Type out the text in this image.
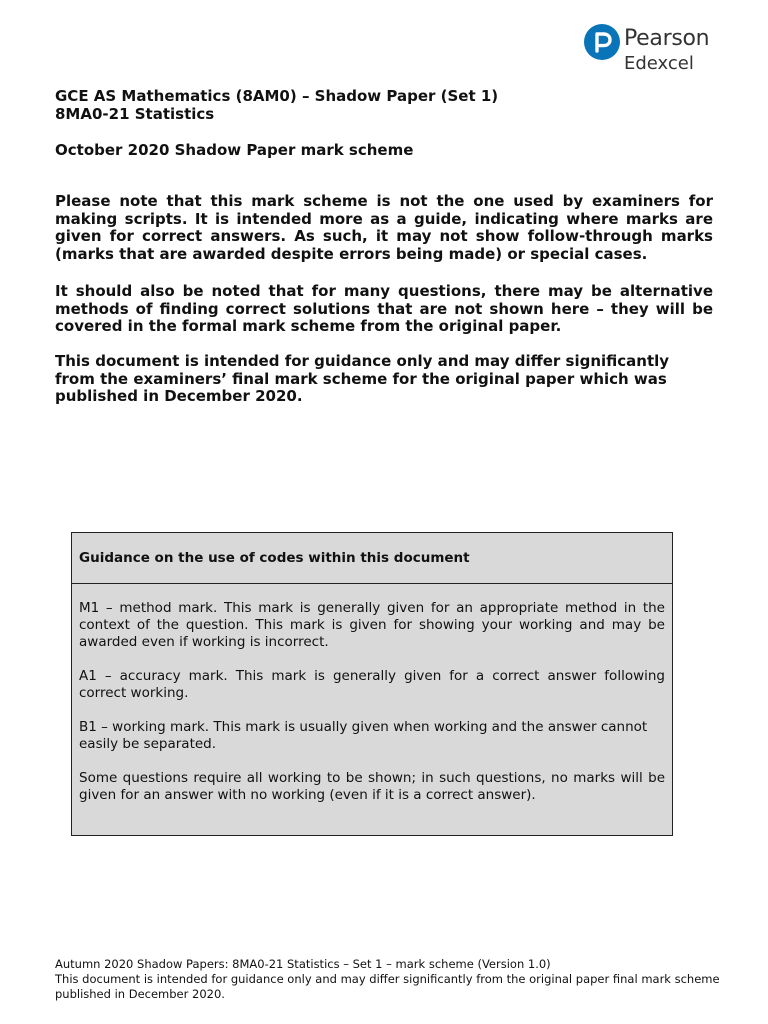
Pearson
Edexcel
GCE AS Mathematics (8AM0) – Shadow Paper (Set 1)
8MA0-21 Statistics
October 2020 Shadow Paper mark scheme
Please note that this mark scheme is not the one used by examiners for making scripts. It is intended more as a guide, indicating where marks are given for correct answers. As such, it may not show follow-through marks (marks that are awarded despite errors being made) or special cases.
It should also be noted that for many questions, there may be alternative methods of finding correct solutions that are not shown here – they will be covered in the formal mark scheme from the original paper.
This document is intended for guidance only and may differ significantly from the examiners’ final mark scheme for the original paper which was published in December 2020.
Guidance on the use of codes within this document

M1 – method mark. This mark is generally given for an appropriate method in the context of the question. This mark is given for showing your working and may be awarded even if working is incorrect.

A1 – accuracy mark. This mark is generally given for a correct answer following correct working.

B1 – working mark. This mark is usually given when working and the answer cannot easily be separated.

Some questions require all working to be shown; in such questions, no marks will be given for an answer with no working (even if it is a correct answer).

Autumn 2020 Shadow Papers: 8MA0-21 Statistics – Set 1 – mark scheme (Version 1.0)
This document is intended for guidance only and may differ significantly from the original paper final mark scheme
published in December 2020.
